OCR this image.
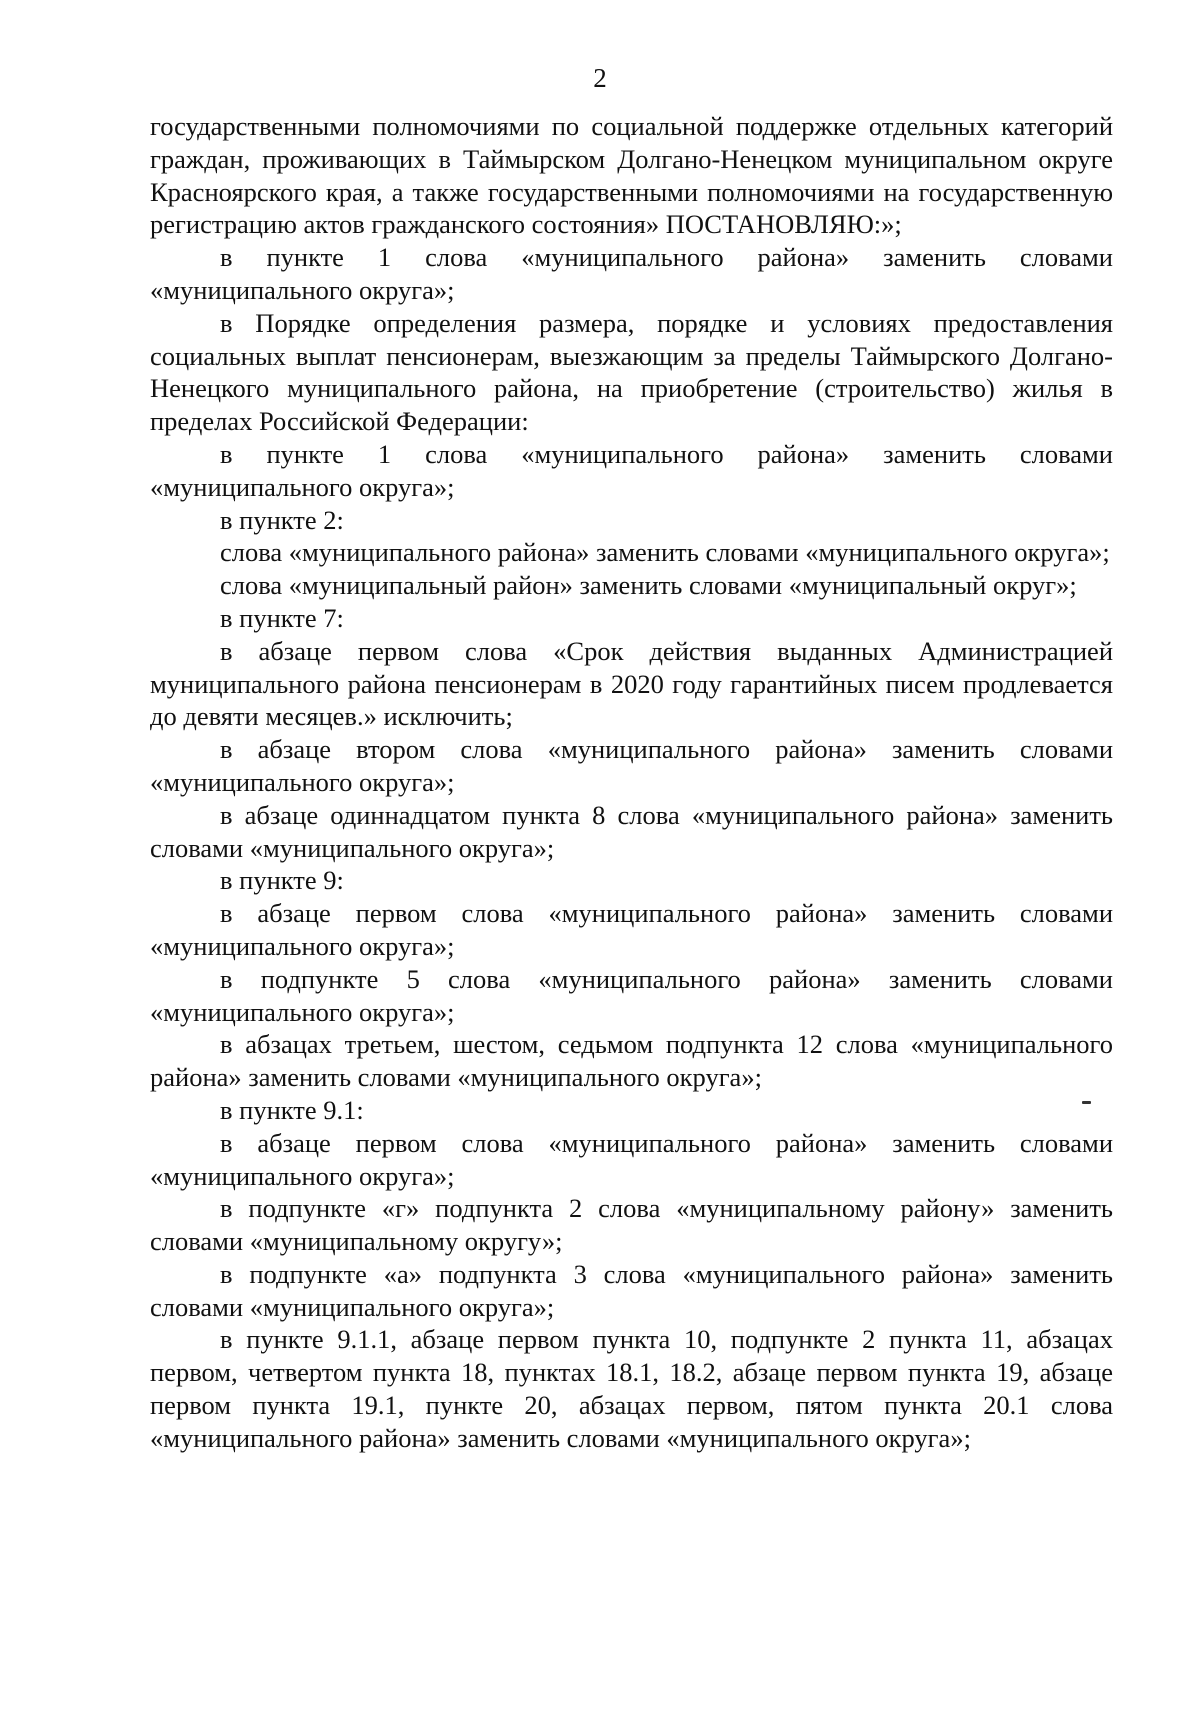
2

государственными полномочиями по социальной поддержке отдельных категорий граждан, проживающих в Таймырском Долгано-Ненецком муниципальном округе Красноярского края, а также государственными полномочиями на государственную регистрацию актов гражданского состояния» ПОСТАНОВЛЯЮ:»;

в пункте 1 слова «муниципального района» заменить словами «муниципального округа»;

в Порядке определения размера, порядке и условиях предоставления социальных выплат пенсионерам, выезжающим за пределы Таймырского Долгано-Ненецкого муниципального района, на приобретение (строительство) жилья в пределах Российской Федерации:

в пункте 1 слова «муниципального района» заменить словами «муниципального округа»;

в пункте 2:

слова «муниципального района» заменить словами «муниципального округа»;

слова «муниципальный район» заменить словами «муниципальный округ»;

в пункте 7:

в абзаце первом слова «Срок действия выданных Администрацией муниципального района пенсионерам в 2020 году гарантийных писем продлевается до девяти месяцев.» исключить;

в абзаце втором слова «муниципального района» заменить словами «муниципального округа»;

в абзаце одиннадцатом пункта 8 слова «муниципального района» заменить словами «муниципального округа»;

в пункте 9:

в абзаце первом слова «муниципального района» заменить словами «муниципального округа»;

в подпункте 5 слова «муниципального района» заменить словами «муниципального округа»;

в абзацах третьем, шестом, седьмом подпункта 12 слова «муниципального района» заменить словами «муниципального округа»;

в пункте 9.1:

в абзаце первом слова «муниципального района» заменить словами «муниципального округа»;

в подпункте «г» подпункта 2 слова «муниципальному району» заменить словами «муниципальному округу»;

в подпункте «а» подпункта 3 слова «муниципального района» заменить словами «муниципального округа»;

в пункте 9.1.1, абзаце первом пункта 10, подпункте 2 пункта 11, абзацах первом, четвертом пункта 18, пунктах 18.1, 18.2, абзаце первом пункта 19, абзаце первом пункта 19.1, пункте 20, абзацах первом, пятом пункта 20.1 слова «муниципального района» заменить словами «муниципального округа»;
